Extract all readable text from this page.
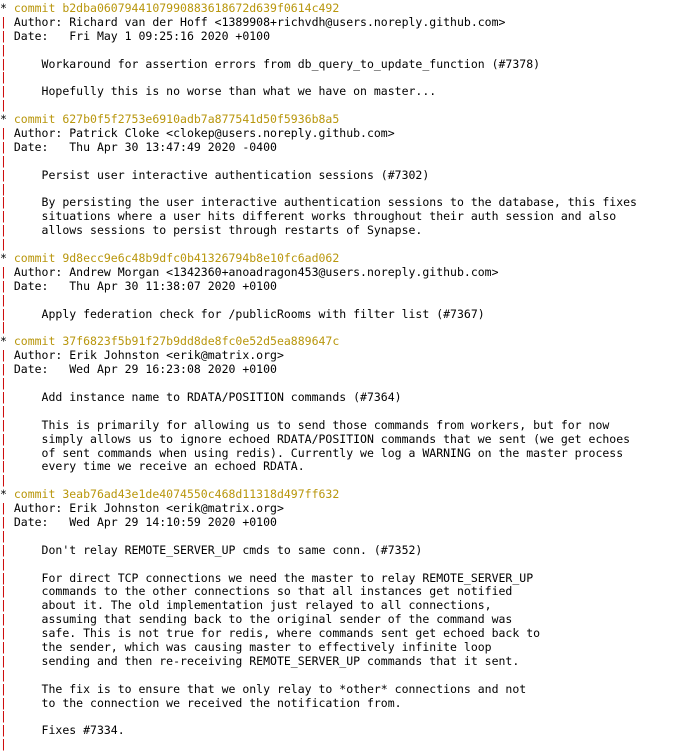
* commit b2dba0607944107990883618672d639f0614c492
| Author: Richard van der Hoff <1389908+richvdh@users.noreply.github.com>
| Date:   Fri May 1 09:25:16 2020 +0100
|
|     Workaround for assertion errors from db_query_to_update_function (#7378)
|
|     Hopefully this is no worse than what we have on master...
|
* commit 627b0f5f2753e6910adb7a877541d50f5936b8a5
| Author: Patrick Cloke <clokep@users.noreply.github.com>
| Date:   Thu Apr 30 13:47:49 2020 -0400
|
|     Persist user interactive authentication sessions (#7302)
|
|     By persisting the user interactive authentication sessions to the database, this fixes
|     situations where a user hits different works throughout their auth session and also
|     allows sessions to persist through restarts of Synapse.
|
* commit 9d8ecc9e6c48b9dfc0b41326794b8e10fc6ad062
| Author: Andrew Morgan <1342360+anoadragon453@users.noreply.github.com>
| Date:   Thu Apr 30 11:38:07 2020 +0100
|
|     Apply federation check for /publicRooms with filter list (#7367)
|
* commit 37f6823f5b91f27b9dd8de8fc0e52d5ea889647c
| Author: Erik Johnston <erik@matrix.org>
| Date:   Wed Apr 29 16:23:08 2020 +0100
|
|     Add instance name to RDATA/POSITION commands (#7364)
|
|     This is primarily for allowing us to send those commands from workers, but for now
|     simply allows us to ignore echoed RDATA/POSITION commands that we sent (we get echoes
|     of sent commands when using redis). Currently we log a WARNING on the master process
|     every time we receive an echoed RDATA.
|
* commit 3eab76ad43e1de4074550c468d11318d497ff632
| Author: Erik Johnston <erik@matrix.org>
| Date:   Wed Apr 29 14:10:59 2020 +0100
|
|     Don't relay REMOTE_SERVER_UP cmds to same conn. (#7352)
|
|     For direct TCP connections we need the master to relay REMOTE_SERVER_UP
|     commands to the other connections so that all instances get notified
|     about it. The old implementation just relayed to all connections,
|     assuming that sending back to the original sender of the command was
|     safe. This is not true for redis, where commands sent get echoed back to
|     the sender, which was causing master to effectively infinite loop
|     sending and then re-receiving REMOTE_SERVER_UP commands that it sent.
|
|     The fix is to ensure that we only relay to *other* connections and not
|     to the connection we received the notification from.
|
|     Fixes #7334.
|
